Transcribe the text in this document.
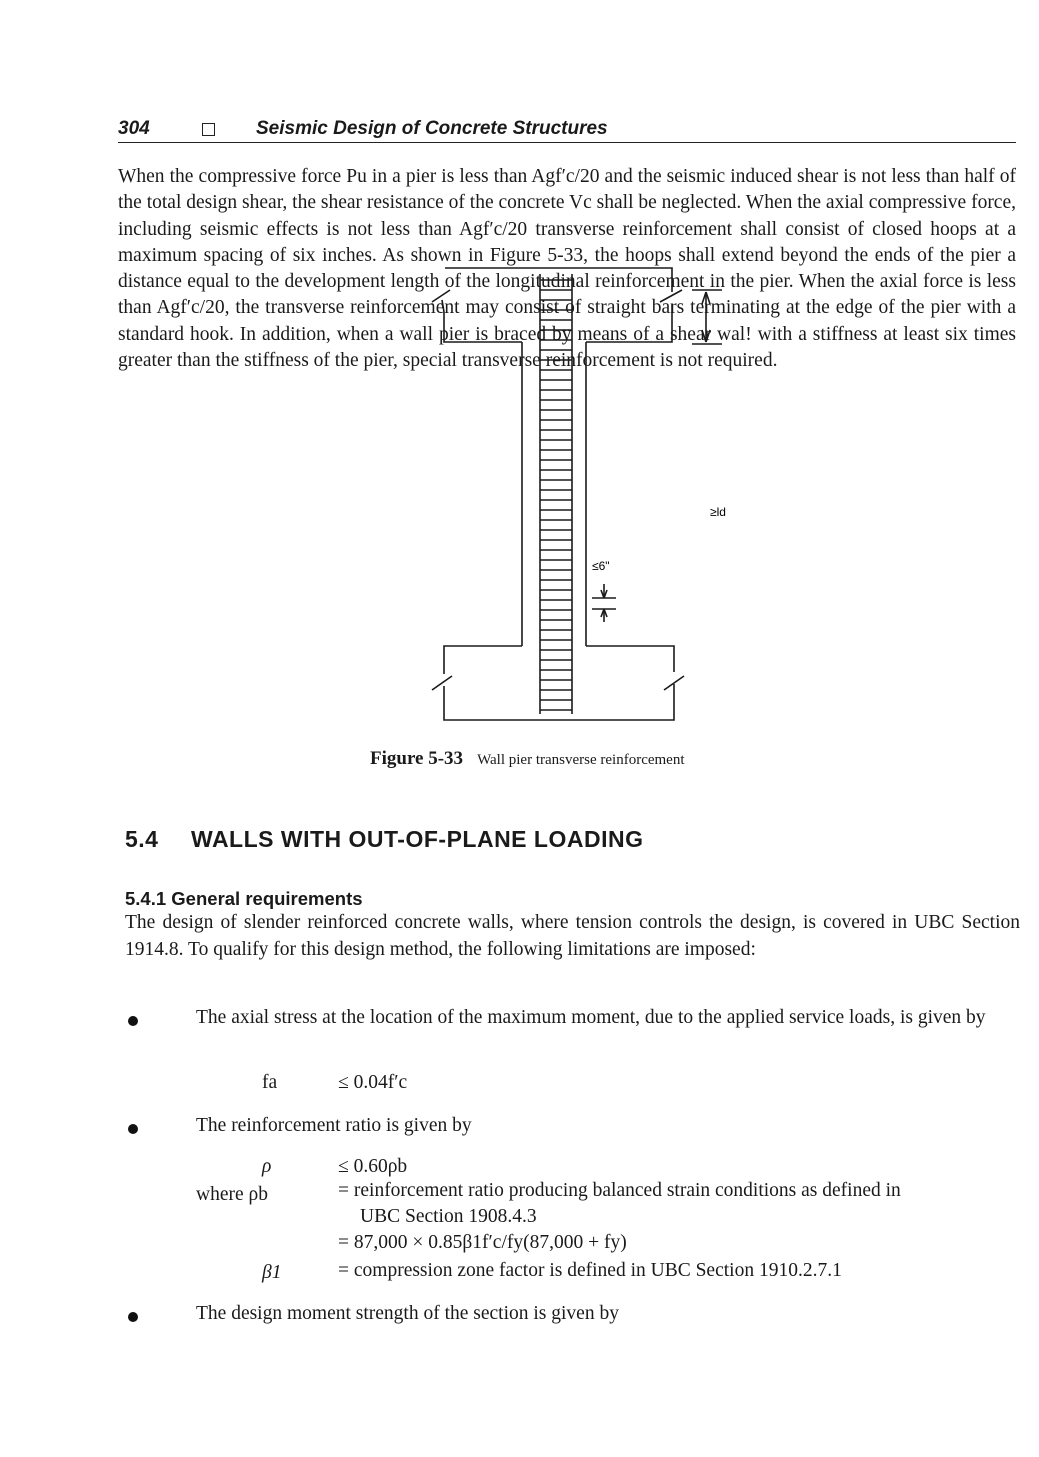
304	Seismic Design of Concrete Structures

When the compressive force Pu in a pier is less than Agf′c/20 and the seismic induced shear is not less than half of the total design shear, the shear resistance of the concrete Vc shall be neglected. When the axial compressive force, including seismic effects is not less than Agf′c/20 transverse reinforcement shall consist of closed hoops at a maximum spacing of six inches. As shown in Figure 5-33, the hoops shall extend beyond the ends of the pier a distance equal to the development length of the longitudinal reinforcement in the pier. When the axial force is less than Agf′c/20, the transverse reinforcement may consist of straight bars terminating at the edge of the pier with a standard hook. In addition, when a wall pier is braced by means of a shear wal! with a stiffness at least six times greater than the stiffness of the pier, special transverse reinforcement is not required.

≥ld
≤6"
Figure 5-33 Wall pier transverse reinforcement
5.4 WALLS WITH OUT-OF-PLANE LOADING
5.4.1 General requirements

The design of slender reinforced concrete walls, where tension controls the design, is covered in UBC Section 1914.8. To qualify for this design method, the following limitations are imposed:

The axial stress at the location of the maximum moment, due to the applied service loads, is given by

fa	≤ 0.04f′c

The reinforcement ratio is given by

ρ	≤ 0.60ρb
where ρb	= reinforcement ratio producing balanced strain conditions as defined in

UBC Section 1908.4.3

= 87,000 × 0.85β1f′c/fy(87,000 + fy)

β1	= compression zone factor is defined in UBC Section 1910.2.7.1

The design moment strength of the section is given by
